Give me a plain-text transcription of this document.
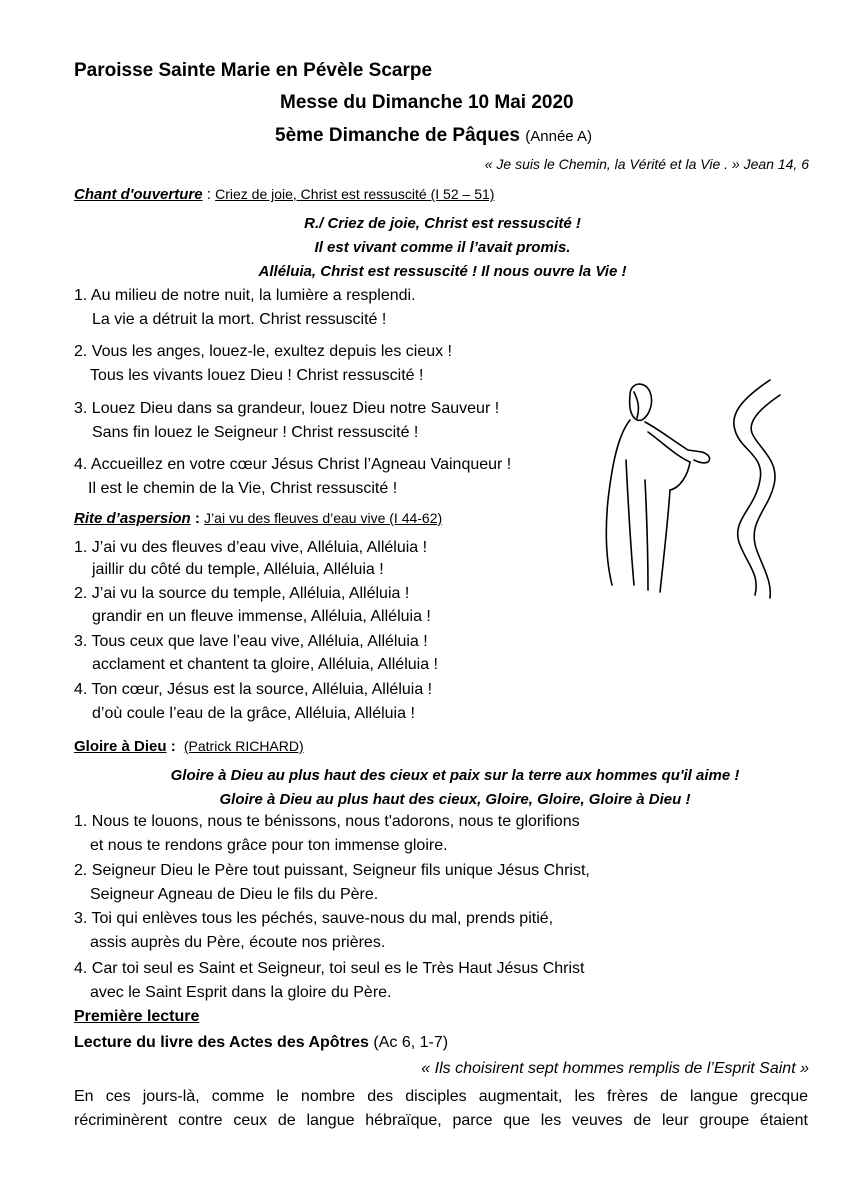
Paroisse Sainte Marie en Pévèle Scarpe
Messe du Dimanche 10 Mai 2020
5ème Dimanche de Pâques (Année A)
« Je suis le Chemin, la Vérité et la Vie . » Jean 14, 6
Chant d'ouverture : Criez de joie, Christ est ressuscité (I 52 – 51)
R./ Criez de joie, Christ est ressuscité !
Il est vivant comme il l’avait promis.
Alléluia, Christ est ressuscité ! Il nous ouvre la Vie !
1. Au milieu de notre nuit, la lumière a resplendi.
La vie a détruit la mort. Christ ressuscité !
2. Vous les anges, louez-le, exultez depuis les cieux !
Tous les vivants louez Dieu ! Christ ressuscité !
3. Louez Dieu dans sa grandeur, louez Dieu notre Sauveur !
Sans fin louez le Seigneur ! Christ ressuscité !
4. Accueillez en votre cœur Jésus Christ l’Agneau Vainqueur !
Il est le chemin de la Vie, Christ ressuscité !
Rite d’aspersion : J’ai vu des fleuves d’eau vive (I 44-62)
1. J’ai vu des fleuves d’eau vive, Alléluia, Alléluia !
jaillir du côté du temple, Alléluia, Alléluia !
2. J’ai vu la source du temple, Alléluia, Alléluia !
grandir en un fleuve immense, Alléluia, Alléluia !
3. Tous ceux que lave l’eau vive, Alléluia, Alléluia !
acclament et chantent ta gloire, Alléluia, Alléluia !
4. Ton cœur, Jésus est la source, Alléluia, Alléluia !
d’où coule l’eau de la grâce, Alléluia, Alléluia !
Gloire à Dieu : (Patrick RICHARD)
Gloire à Dieu au plus haut des cieux et paix sur la terre aux hommes qu'il aime !
Gloire à Dieu au plus haut des cieux, Gloire, Gloire, Gloire à Dieu !
1. Nous te louons, nous te bénissons, nous t'adorons, nous te glorifions
et nous te rendons grâce pour ton immense gloire.
2. Seigneur Dieu le Père tout puissant, Seigneur fils unique Jésus Christ,
Seigneur Agneau de Dieu le fils du Père.
3. Toi qui enlèves tous les péchés, sauve-nous du mal, prends pitié,
assis auprès du Père, écoute nos prières.
4. Car toi seul es Saint et Seigneur, toi seul es le Très Haut Jésus Christ
avec le Saint Esprit dans la gloire du Père.
Première lecture
Lecture du livre des Actes des Apôtres (Ac 6, 1-7)
« Ils choisirent sept hommes remplis de l’Esprit Saint »
En ces jours-là, comme le nombre des disciples augmentait, les frères de langue grecque
récriminèrent contre ceux de langue hébraïque, parce que les veuves de leur groupe étaient
